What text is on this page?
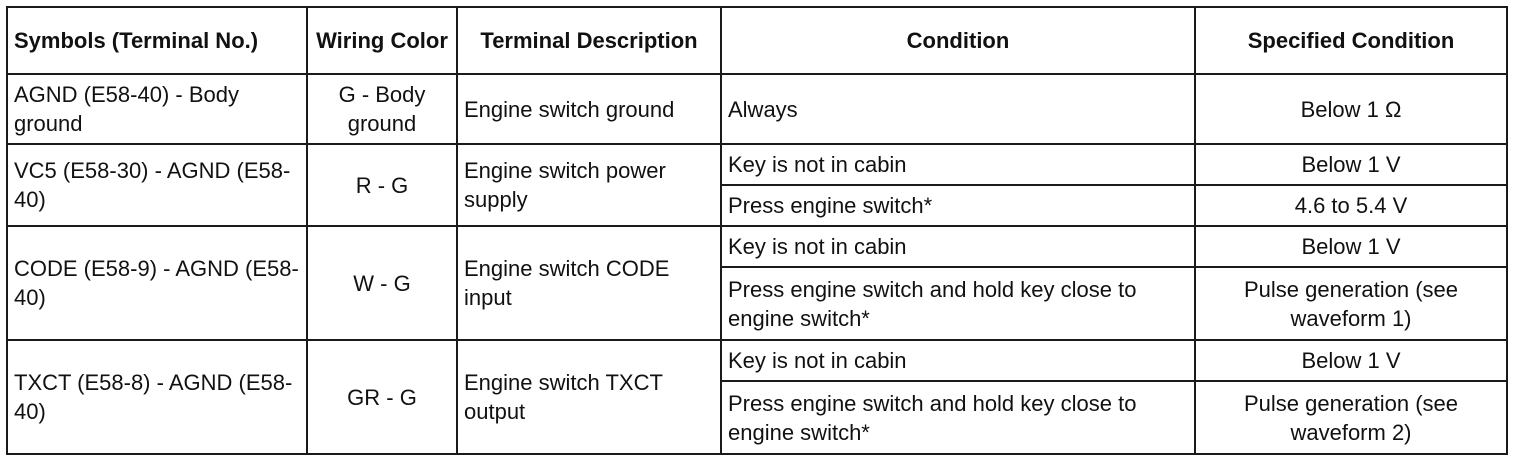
Symbols (Terminal No.)	Wiring Color	Terminal Description	Condition	Specified Condition
AGND (E58-40) - Body ground	G - Body ground	Engine switch ground	Always	Below 1 Ω
VC5 (E58-30) - AGND (E58-40)	R - G	Engine switch power supply	Key is not in cabin	Below 1 V
			Press engine switch*	4.6 to 5.4 V
CODE (E58-9) - AGND (E58-40)	W - G	Engine switch CODE input	Key is not in cabin	Below 1 V
			Press engine switch and hold key close to engine switch*	Pulse generation (see waveform 1)
TXCT (E58-8) - AGND (E58-40)	GR - G	Engine switch TXCT output	Key is not in cabin	Below 1 V
			Press engine switch and hold key close to engine switch*	Pulse generation (see waveform 2)
